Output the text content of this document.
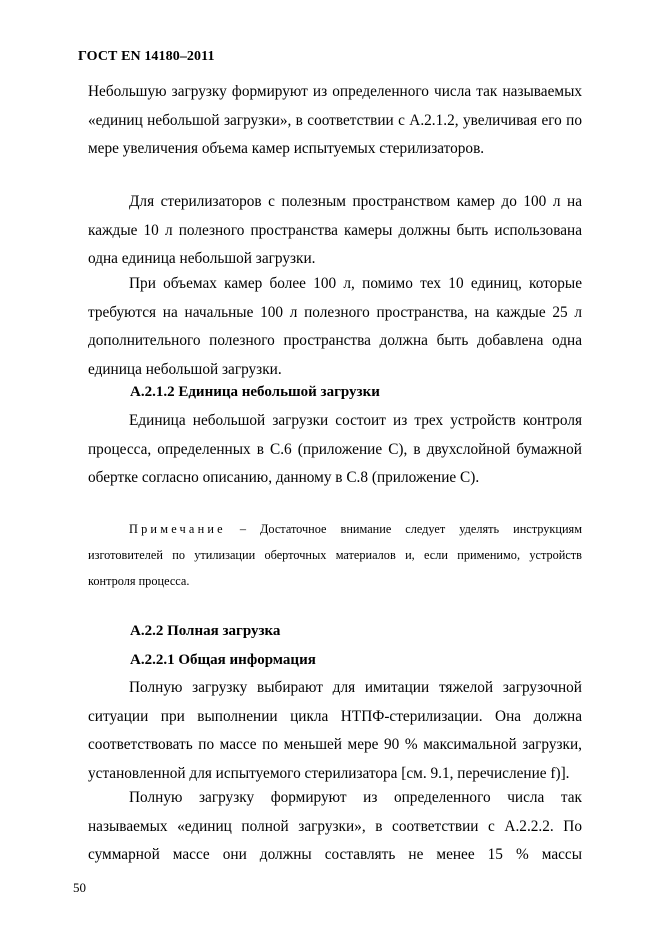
ГОСТ EN 14180–2011

Небольшую загрузку формируют из определенного числа так называемых «единиц небольшой загрузки», в соответствии с А.2.1.2, увеличивая его по мере увеличения объема камер испытуемых стерилизаторов.

Для стерилизаторов с полезным пространством камер до 100 л на каждые 10 л полезного пространства камеры должны быть использована одна единица небольшой загрузки.

При объемах камер более 100 л, помимо тех 10 единиц, которые требуются на начальные 100 л полезного пространства, на каждые 25 л дополнительного полезного пространства должна быть добавлена одна единица небольшой загрузки.

А.2.1.2 Единица небольшой загрузки

Единица небольшой загрузки состоит из трех устройств контроля процесса, определенных в С.6 (приложение С), в двухслойной бумажной обертке согласно описанию, данному в С.8 (приложение С).

Примечание – Достаточное внимание следует уделять инструкциям изготовителей по утилизации оберточных материалов и, если применимо, устройств контроля процесса.

А.2.2 Полная загрузка
А.2.2.1 Общая информация

Полную загрузку выбирают для имитации тяжелой загрузочной ситуации при выполнении цикла НТПФ-стерилизации. Она должна соответствовать по массе по меньшей мере 90 % максимальной загрузки, установленной для испытуемого стерилизатора [см. 9.1, перечисление f)].

Полную загрузку формируют из определенного числа так называемых «единиц полной загрузки», в соответствии с А.2.2.2. По суммарной массе они должны составлять не менее 15 % массы

50
